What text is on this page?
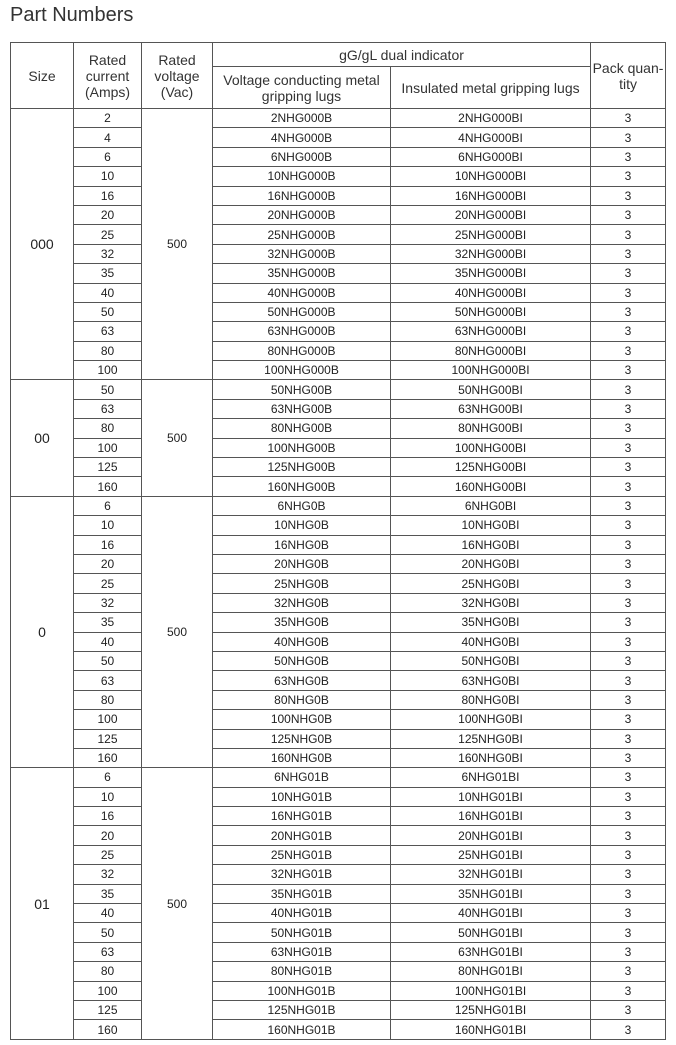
Part Numbers
Size	Rated current (Amps)	Rated voltage (Vac)	gG/gL dual indicator		Pack quan- tity
			Voltage conducting metal gripping lugs	Insulated metal gripping lugs	
000	2	500	2NHG000B	2NHG000BI	3
	4		4NHG000B	4NHG000BI	3
	6		6NHG000B	6NHG000BI	3
	10		10NHG000B	10NHG000BI	3
	16		16NHG000B	16NHG000BI	3
	20		20NHG000B	20NHG000BI	3
	25		25NHG000B	25NHG000BI	3
	32		32NHG000B	32NHG000BI	3
	35		35NHG000B	35NHG000BI	3
	40		40NHG000B	40NHG000BI	3
	50		50NHG000B	50NHG000BI	3
	63		63NHG000B	63NHG000BI	3
	80		80NHG000B	80NHG000BI	3
	100		100NHG000B	100NHG000BI	3
00	50	500	50NHG00B	50NHG00BI	3
	63		63NHG00B	63NHG00BI	3
	80		80NHG00B	80NHG00BI	3
	100		100NHG00B	100NHG00BI	3
	125		125NHG00B	125NHG00BI	3
	160		160NHG00B	160NHG00BI	3
0	6	500	6NHG0B	6NHG0BI	3
	10		10NHG0B	10NHG0BI	3
	16		16NHG0B	16NHG0BI	3
	20		20NHG0B	20NHG0BI	3
	25		25NHG0B	25NHG0BI	3
	32		32NHG0B	32NHG0BI	3
	35		35NHG0B	35NHG0BI	3
	40		40NHG0B	40NHG0BI	3
	50		50NHG0B	50NHG0BI	3
	63		63NHG0B	63NHG0BI	3
	80		80NHG0B	80NHG0BI	3
	100		100NHG0B	100NHG0BI	3
	125		125NHG0B	125NHG0BI	3
	160		160NHG0B	160NHG0BI	3
01	6	500	6NHG01B	6NHG01BI	3
	10		10NHG01B	10NHG01BI	3
	16		16NHG01B	16NHG01BI	3
	20		20NHG01B	20NHG01BI	3
	25		25NHG01B	25NHG01BI	3
	32		32NHG01B	32NHG01BI	3
	35		35NHG01B	35NHG01BI	3
	40		40NHG01B	40NHG01BI	3
	50		50NHG01B	50NHG01BI	3
	63		63NHG01B	63NHG01BI	3
	80		80NHG01B	80NHG01BI	3
	100		100NHG01B	100NHG01BI	3
	125		125NHG01B	125NHG01BI	3
	160		160NHG01B	160NHG01BI	3
